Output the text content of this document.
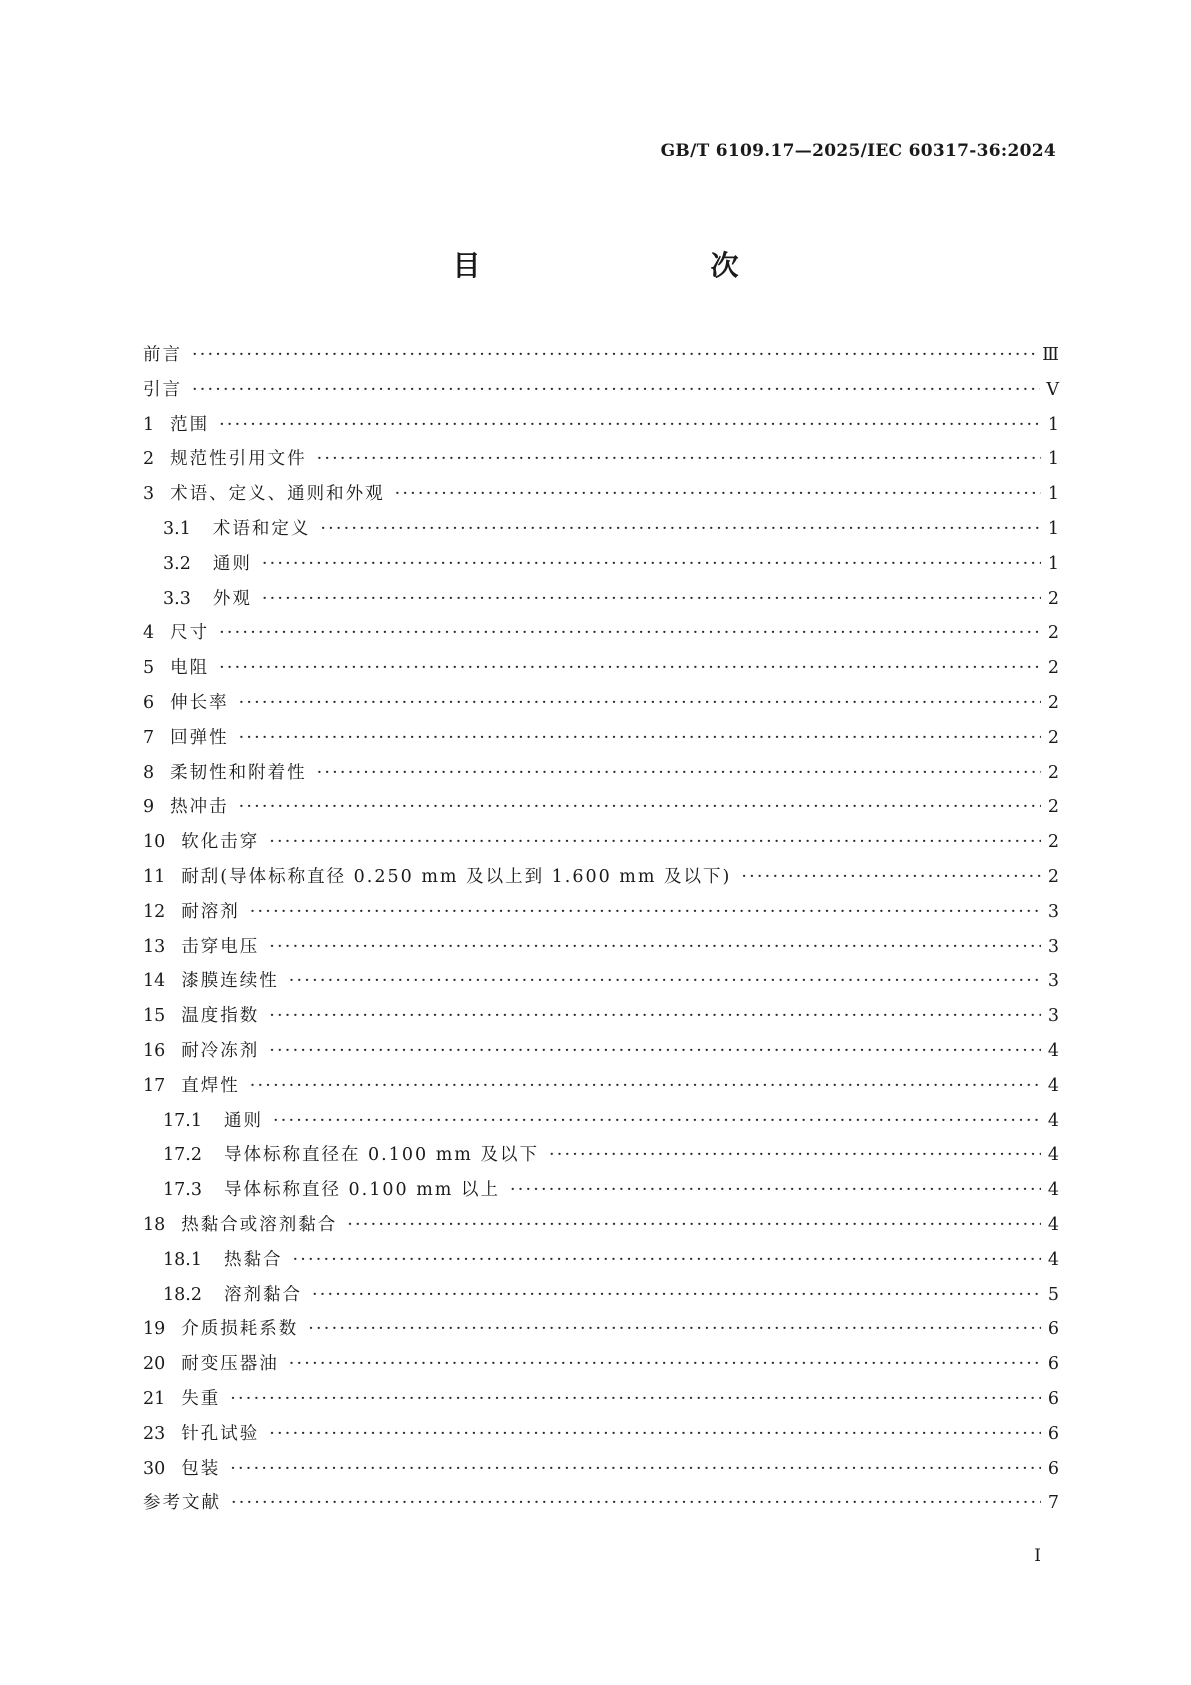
GB/T 6109.17—2025/IEC 60317-36:2024
目　　次
前言 ·····	Ⅲ
引言 ·····	Ⅴ
1 范围 ·····	1
2 规范性引用文件 ·····	1
3 术语、定义、通则和外观 ·····	1
3.1 术语和定义 ·····	1
3.2 通则 ·····	1
3.3 外观 ·····	2
4 尺寸 ·····	2
5 电阻 ·····	2
6 伸长率 ·····	2
7 回弹性 ·····	2
8 柔韧性和附着性 ·····	2
9 热冲击 ·····	2
10 软化击穿 ·····	2
11 耐刮(导体标称直径 0.250 mm 及以上到 1.600 mm 及以下) ·····	2
12 耐溶剂 ·····	3
13 击穿电压 ·····	3
14 漆膜连续性 ·····	3
15 温度指数 ·····	3
16 耐冷冻剂 ·····	4
17 直焊性 ·····	4
17.1 通则 ·····	4
17.2 导体标称直径在 0.100 mm 及以下 ·····	4
17.3 导体标称直径 0.100 mm 以上 ·····	4
18 热黏合或溶剂黏合 ·····	4
18.1 热黏合 ·····	4
18.2 溶剂黏合 ·····	5
19 介质损耗系数 ·····	6
20 耐变压器油 ·····	6
21 失重 ·····	6
23 针孔试验 ·····	6
30 包装 ·····	6
参考文献 ·····	7
Ⅰ
